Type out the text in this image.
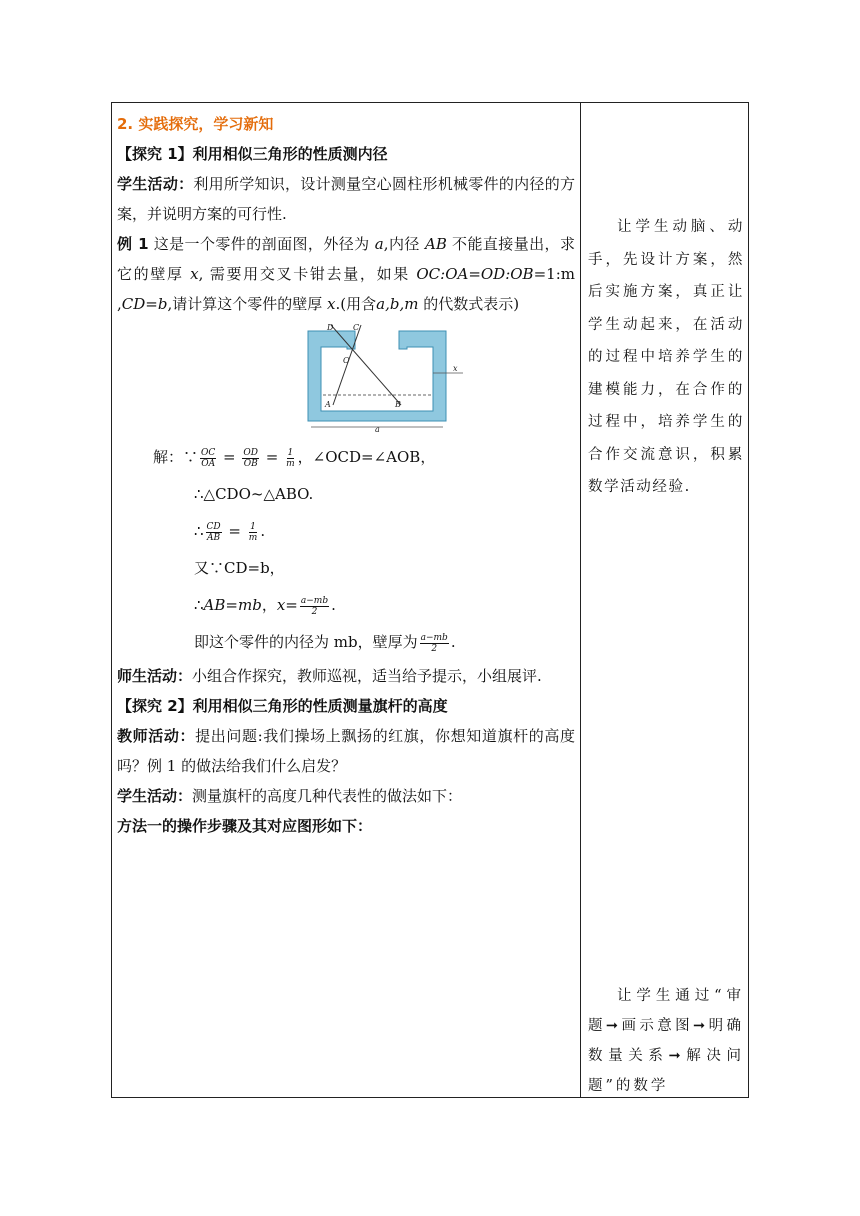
2. 实践探究，学习新知

【探究 1】利用相似三角形的性质测内径

学生活动：利用所学知识，设计测量空心圆柱形机械零件的内径的方案，并说明方案的可行性.

例 1 这是一个零件的剖面图，外径为 a,内径 AB 不能直接量出，求它的壁厚 x, 需要用交叉卡钳去量，如果 OC:OA=OD:OB=1:m ,CD=b,请计算这个零件的壁厚 x.(用含a,b,m 的代数式表示)

D C
O
x
A	B
a
解：∵ $\frac{OC}{OA} = \frac{OD}{OB} = \frac{1}{m}$ ，∠OCD=∠AOB，
∴△CDO~△ABO.
∴ $\frac{CD}{AB} = \frac{1}{m}$ .
又∵CD=b，
∴AB=mb，$x= \frac{a-mb}{2}$ .
即这个零件的内径为 mb，壁厚为 $\frac{a-mb}{2}$ .

师生活动：小组合作探究，教师巡视，适当给予提示，小组展评.

【探究 2】利用相似三角形的性质测量旗杆的高度

教师活动：提出问题:我们操场上飘扬的红旗，你想知道旗杆的高度吗？例 1 的做法给我们什么启发？

学生活动：测量旗杆的高度几种代表性的做法如下：

方法一的操作步骤及其对应图形如下：

让学生动脑、动手，先设计方案，然后实施方案，真正让学生动起来，在活动的过程中培养学生的建模能力，在合作的过程中，培养学生的合作交流意识，积累数学活动经验.
让学生通过“审题➞画示意图➞明确数量关系➞解决问题”的数学
